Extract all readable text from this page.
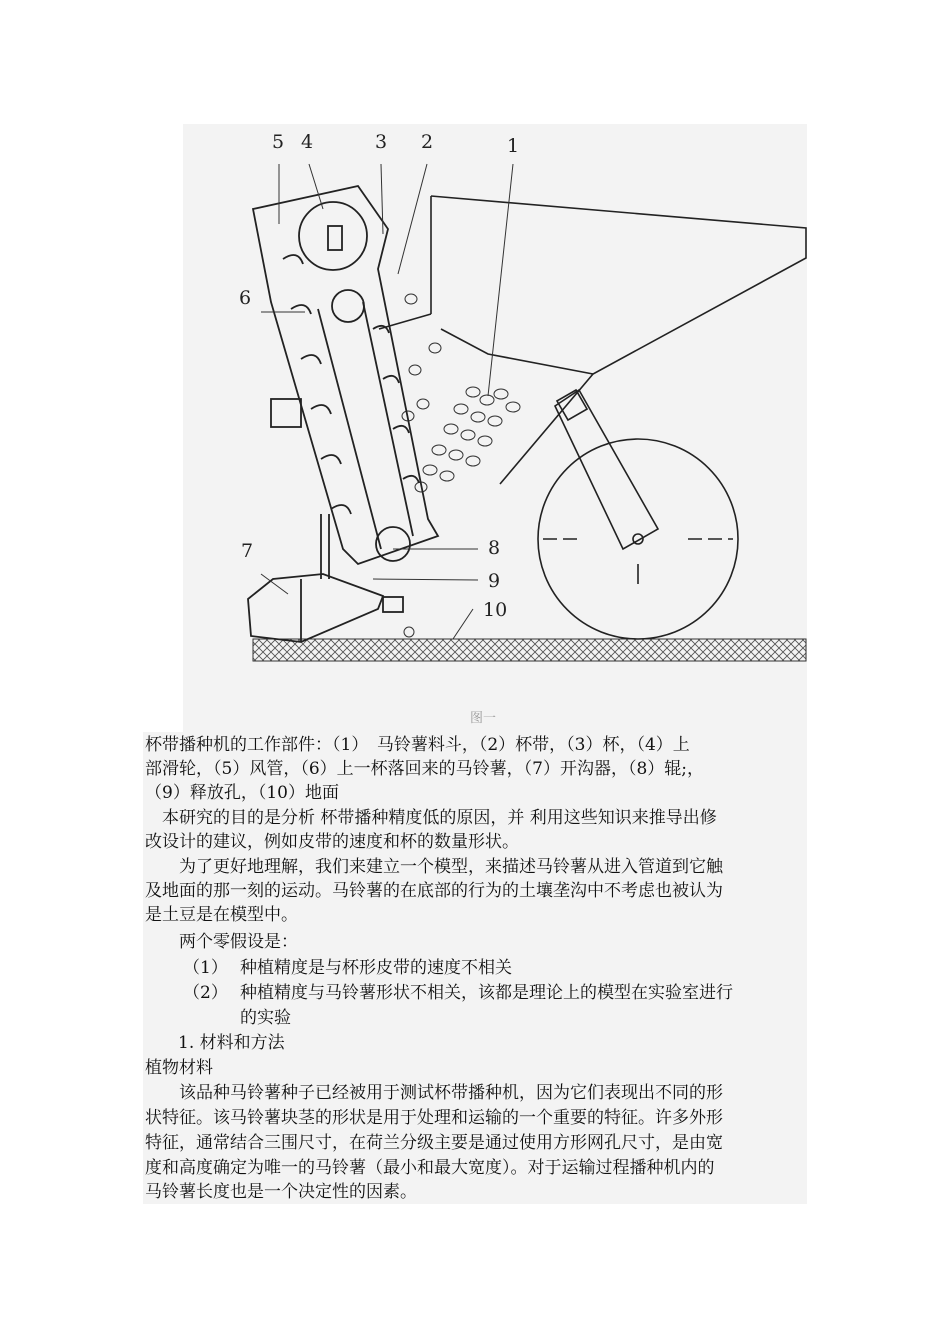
5 4	3 2	1
6
7	8
9
10
图一
杯带播种机的工作部件：（1）　马铃薯料斗，（2）杯带，（3）杯，（4）上
部滑轮，（5）风管，（6）上一杯落回来的马铃薯，（7）开沟器，（8）辊;，
（9）释放孔，（10）地面
　本研究的目的是分析 杯带播种精度低的原因，并 利用这些知识来推导出修
改设计的建议，例如皮带的速度和杯的数量形状。
　　为了更好地理解，我们来建立一个模型，来描述马铃薯从进入管道到它触
及地面的那一刻的运动。马铃薯的在底部的行为的土壤垄沟中不考虑也被认为
是土豆是在模型中。
　　两个零假设是：
（1） 种植精度是与杯形皮带的速度不相关
（2） 种植精度与马铃薯形状不相关，该都是理论上的模型在实验室进行
的实验
1. 材料和方法
植物材料
　　该品种马铃薯种子已经被用于测试杯带播种机，因为它们表现出不同的形
状特征。该马铃薯块茎的形状是用于处理和运输的一个重要的特征。许多外形
特征，通常结合三围尺寸，在荷兰分级主要是通过使用方形网孔尺寸，是由宽
度和高度确定为唯一的马铃薯（最小和最大宽度）。对于运输过程播种机内的
马铃薯长度也是一个决定性的因素。
